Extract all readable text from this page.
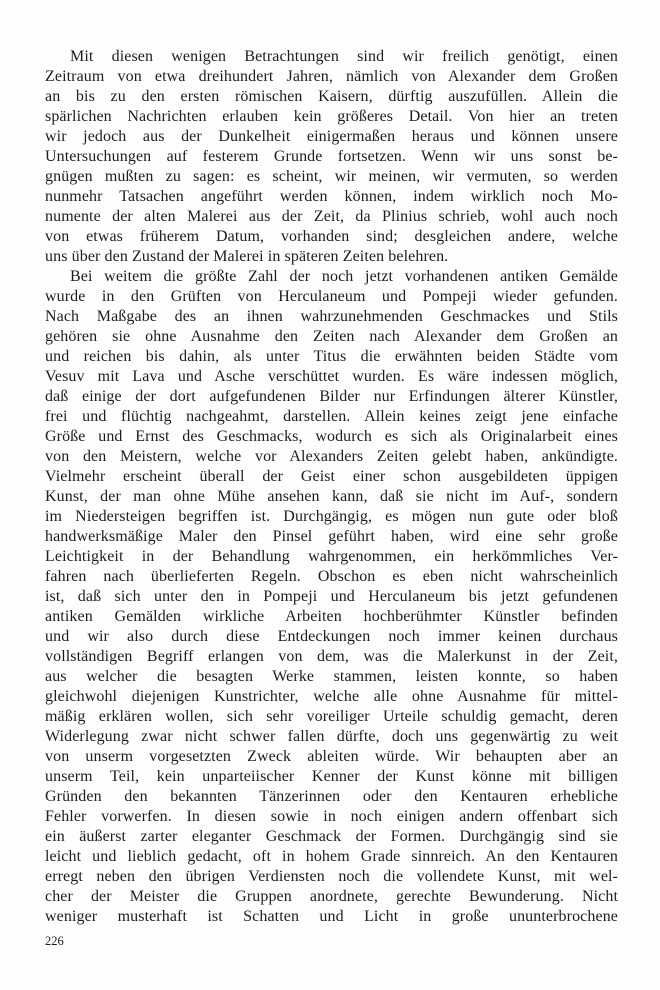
Mit diesen wenigen Betrachtungen sind wir freilich genötigt, einen
Zeitraum von etwa dreihundert Jahren, nämlich von Alexander dem Großen
an bis zu den ersten römischen Kaisern, dürftig auszufüllen. Allein die
spärlichen Nachrichten erlauben kein größeres Detail. Von hier an treten
wir jedoch aus der Dunkelheit einigermaßen heraus und können unsere
Untersuchungen auf festerem Grunde fortsetzen. Wenn wir uns sonst be-
gnügen mußten zu sagen: es scheint, wir meinen, wir vermuten, so werden
nunmehr Tatsachen angeführt werden können, indem wirklich noch Mo-
numente der alten Malerei aus der Zeit, da Plinius schrieb, wohl auch noch
von etwas früherem Datum, vorhanden sind; desgleichen andere, welche
uns über den Zustand der Malerei in späteren Zeiten belehren.
Bei weitem die größte Zahl der noch jetzt vorhandenen antiken Gemälde
wurde in den Grüften von Herculaneum und Pompeji wieder gefunden.
Nach Maßgabe des an ihnen wahrzunehmenden Geschmackes und Stils
gehören sie ohne Ausnahme den Zeiten nach Alexander dem Großen an
und reichen bis dahin, als unter Titus die erwähnten beiden Städte vom
Vesuv mit Lava und Asche verschüttet wurden. Es wäre indessen möglich,
daß einige der dort aufgefundenen Bilder nur Erfindungen älterer Künstler,
frei und flüchtig nachgeahmt, darstellen. Allein keines zeigt jene einfache
Größe und Ernst des Geschmacks, wodurch es sich als Originalarbeit eines
von den Meistern, welche vor Alexanders Zeiten gelebt haben, ankündigte.
Vielmehr erscheint überall der Geist einer schon ausgebildeten üppigen
Kunst, der man ohne Mühe ansehen kann, daß sie nicht im Auf-, sondern
im Niedersteigen begriffen ist. Durchgängig, es mögen nun gute oder bloß
handwerksmäßige Maler den Pinsel geführt haben, wird eine sehr große
Leichtigkeit in der Behandlung wahrgenommen, ein herkömmliches Ver-
fahren nach überlieferten Regeln. Obschon es eben nicht wahrscheinlich
ist, daß sich unter den in Pompeji und Herculaneum bis jetzt gefundenen
antiken Gemälden wirkliche Arbeiten hochberühmter Künstler befinden
und wir also durch diese Entdeckungen noch immer keinen durchaus
vollständigen Begriff erlangen von dem, was die Malerkunst in der Zeit,
aus welcher die besagten Werke stammen, leisten konnte, so haben
gleichwohl diejenigen Kunstrichter, welche alle ohne Ausnahme für mittel-
mäßig erklären wollen, sich sehr voreiliger Urteile schuldig gemacht, deren
Widerlegung zwar nicht schwer fallen dürfte, doch uns gegenwärtig zu weit
von unserm vorgesetzten Zweck ableiten würde. Wir behaupten aber an
unserm Teil, kein unparteiischer Kenner der Kunst könne mit billigen
Gründen den bekannten Tänzerinnen oder den Kentauren erhebliche
Fehler vorwerfen. In diesen sowie in noch einigen andern offenbart sich
ein äußerst zarter eleganter Geschmack der Formen. Durchgängig sind sie
leicht und lieblich gedacht, oft in hohem Grade sinnreich. An den Kentauren
erregt neben den übrigen Verdiensten noch die vollendete Kunst, mit wel-
cher der Meister die Gruppen anordnete, gerechte Bewunderung. Nicht
weniger musterhaft ist Schatten und Licht in große ununterbrochene
226
